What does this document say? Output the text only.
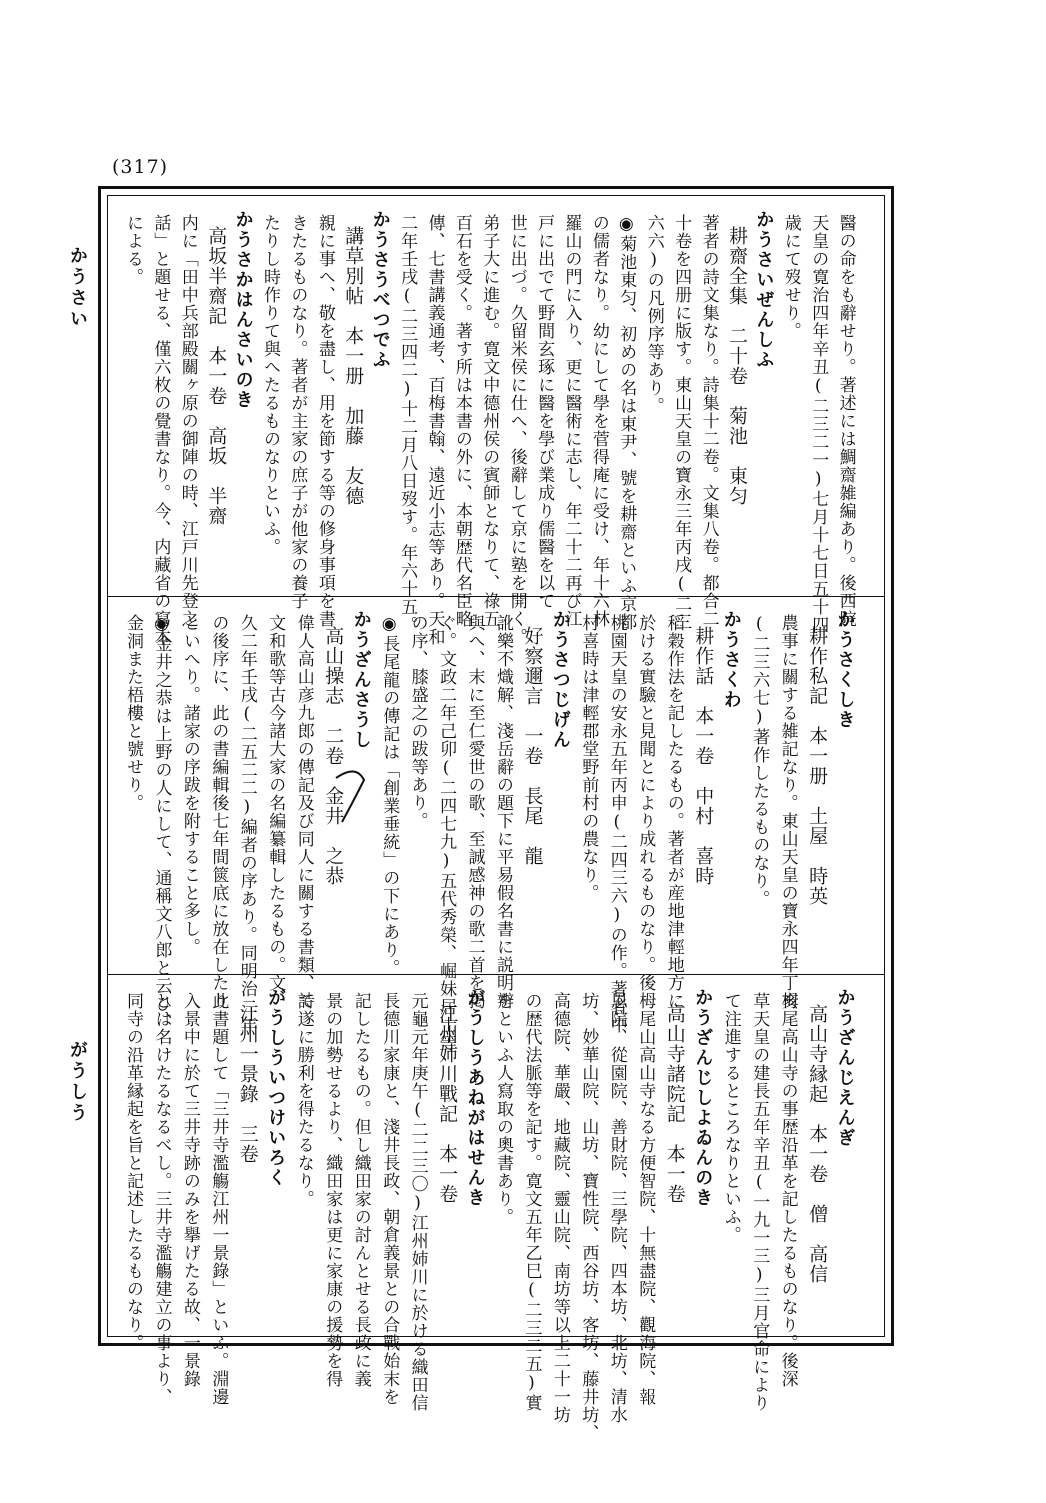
(317)
かうさい
がうしう
醫の命をも辭せり。著述には鯛齋雑編あり。後西院
天皇の寛治四年辛丑(二三二一)七月十七日五十四
歳にて歿せり。
かうさいぜんしふ
耕齋全集　二十卷　菊池　東匀
著者の詩文集なり。詩集十二卷。文集八卷。都合二
十卷を四册に版す。東山天皇の寶永三年丙戌(二三
六六)の凡例序等あり。
◉菊池東匀、初めの名は東尹、號を耕齋といふ京都
の儒者なり。幼にして學を菅得庵に受け、年十六林
羅山の門に入り、更に醫術に志し、年二十二再び江
戸に出でて野間玄琢に醫を學び業成り儒醫を以て
世に出づ。久留米侯に仕へ、後辭して京に塾を開く。
弟子大に進む。寛文中德州侯の賓師となりて、祿五
百石を受く。著す所は本書の外に、本朝歴代名臣略
傳、七書講義通考、百梅書翰、遠近小志等あり。天和
二年壬戌(二三四二)十二月八日歿す。年六十五。
かうさうべつでふ
講草別帖　本一册　加藤　友德
親に事へ、敬を盡し、用を節する等の修身事項を書
きたるものなり。著者が主家の庶子が他家の養子
たりし時作りて與へたるものなりといふ。
かうさかはんさいのき
高坂半齋記　本一卷　高坂　半齋
内に「田中兵部殿關ヶ原の御陣の時、江戸川先登之
話」と題せる、僅六枚の覺書なり。今、内藏省の寫本
による。
かうさくしき
耕作私記　本一册　土屋　時英
農事に關する雑記なり。東山天皇の寶永四年丁亥
(二三六七)著作したるものなり。
かうさくわ
耕作話　本一卷　中村　喜時
稻穀作法を記したるもの。著者が産地津輕地方に
於ける實驗と見聞とにより成れるものなり。後
桃園天皇の安永五年丙申(二四三六)の作。著者中
村喜時は津輕郡堂野前村の農なり。
かうさつじげん
好察邇言　一卷　長尾　龍
訛樂不熾解、淺岳辭の題下に平易假名書に説明を
與へ、末に至仁愛世の歌、至誠感神の歌二首を掲
ぐ。文政二年己卯(二四七九)五代秀榮、崛妹居士等
の序、膝盛之の跋等あり。
◉長尾龍の傳記は「創業垂統」の下にあり。
かうざんさうし
高山操志　二卷　金井　之恭
偉人高山彦九郎の傳記及び同人に關する書類、詩
文和歌等古今諸大家の名編纂輯したるもの。文
久二年壬戌(二五二二)編者の序あり。同明治二年
の後序に、此の書編輯後七年間篋底に放在したり
といへり。諸家の序跋を附すること多し。
◉金井之恭は上野の人にして、通稱文八郎と云ひ、
金洞また梧樓と號せり。
かうざんじえんぎ
高山寺縁起　本一卷　僧　高信
栂尾高山寺の事歴沿革を記したるものなり。後深
草天皇の建長五年辛丑(一九一三)三月官命により
て注進するところなりといふ。
かうざんじしよゐんのき
高山寺諸院記　本一卷
栂尾山高山寺なる方便智院、十無盡院、觀海院、報
恩院、從園院、善財院、三學院、四本坊、北坊、清水
坊、妙華山院、山坊、寶性院、西谷坊、客坊、藤井坊、
高德院、華嚴、地藏院、靈山院、南坊等以上二十一坊
の歴代法脈等を記す。寛文五年乙巳(二三二五)實
辨といふ人寫取の奧書あり。
がうしうあねがはせんき
江州姉川戰記　本一卷
元龜元年庚午(二二三〇)江州姉川に於ける織田信
長德川家康と、淺井長政、朝倉義景との合戰始末を
記したるもの。但し織田家の討んとせる長政に義
景の加勢せるより、織田家は更に家康の援勢を得
て遂に勝利を得たるなり。
がうしういつけいろく
江州一景錄　三卷
此書題して「三井寺濫觴江州一景錄」といふ。淵邊
入景中に於て三井寺跡のみを擧げたる故、一景錄
とは名けたるなるべし。三井寺濫觴建立の事より、
同寺の沿革縁起を旨と記述したるものなり。
